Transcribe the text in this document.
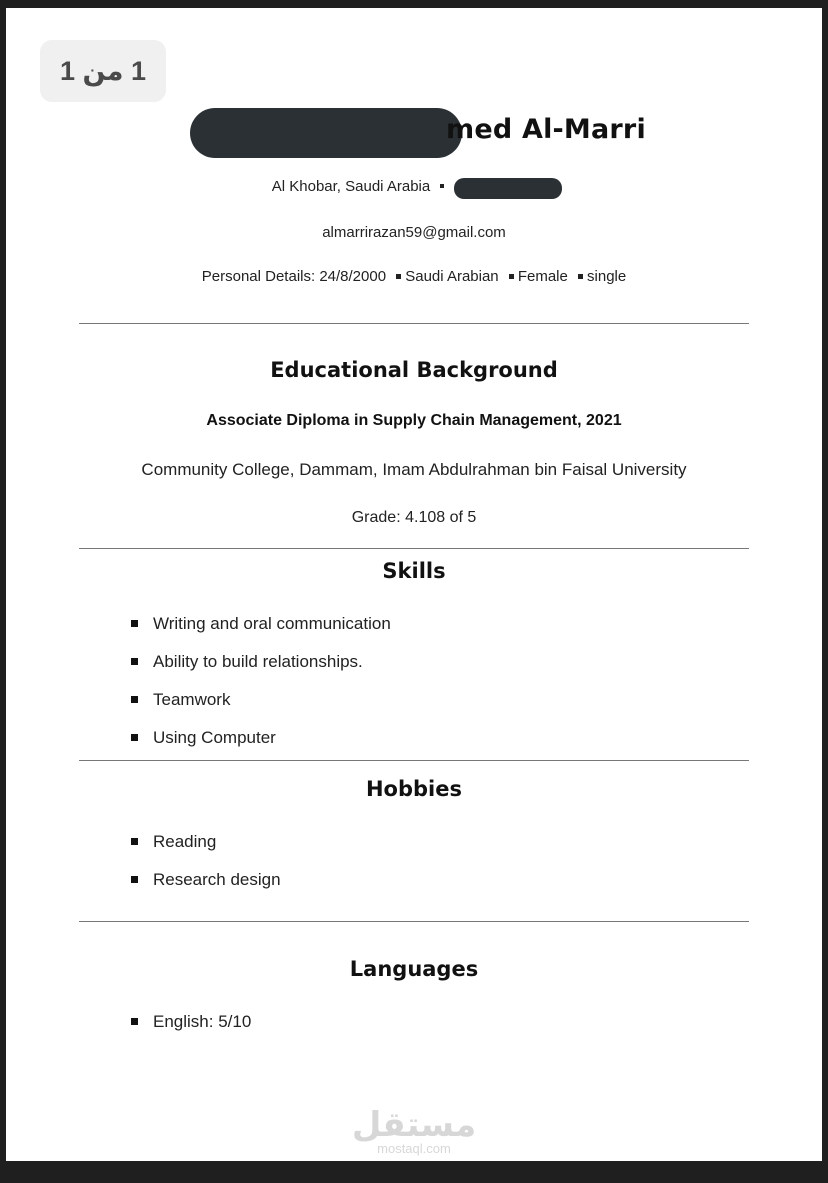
1 من 1
med Al-Marri
Al Khobar, Saudi Arabia
almarrirazan59@gmail.com
Personal Details: 24/8/2000 Saudi Arabian Female single
Educational Background
Associate Diploma in Supply Chain Management, 2021
Community College, Dammam, Imam Abdulrahman bin Faisal University
Grade: 4.108 of 5
Skills
Writing and oral communication
Ability to build relationships.
Teamwork
Using Computer
Hobbies
Reading
Research design
Languages
English: 5/10
مستقل
mostaql.com
